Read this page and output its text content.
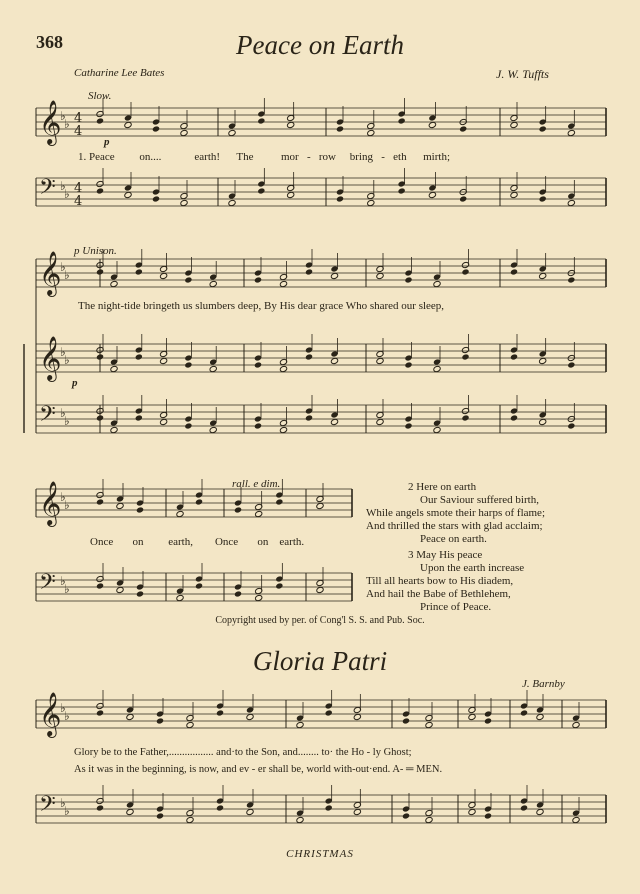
368	Peace on Earth
Catharine Lee Bates	J. W. Tuffts
𝄞
♭
♭
𝄢 ♭
♭
𝄞
♭
♭
𝄞
♭
♭
𝄢 ♭
♭
𝄞
♭
♭
𝄢 ♭
♭
𝄞
♭
♭
𝄢 ♭
♭
4
4
4
4
Slow.
p
1. Peace on....	earth! The	mor - row bring - eth mirth;
p Unison.
The night-tide bringeth us slumbers deep, By His dear grace Who shared our sleep,
p
rall. e dim.
Once on earth, Once on earth.
2 Here on earth
Our Saviour suffered birth,
While angels smote their harps of flame;
And thrilled the stars with glad acclaim;
Peace on earth.
3 May His peace
Upon the earth increase
Till all hearts bow to His diadem,
And hail the Babe of Bethlehem,
Prince of Peace.
Copyright used by per. of Cong'l S. S. and Pub. Soc.
Gloria Patri
J. Barnby
Glory be to the Father,................. and·to the Son, and........ to· the Ho - ly Ghost;
As it was in the beginning, is now, and ev - er shall be, world with-out·end. A- ═ MEN.
CHRISTMAS
